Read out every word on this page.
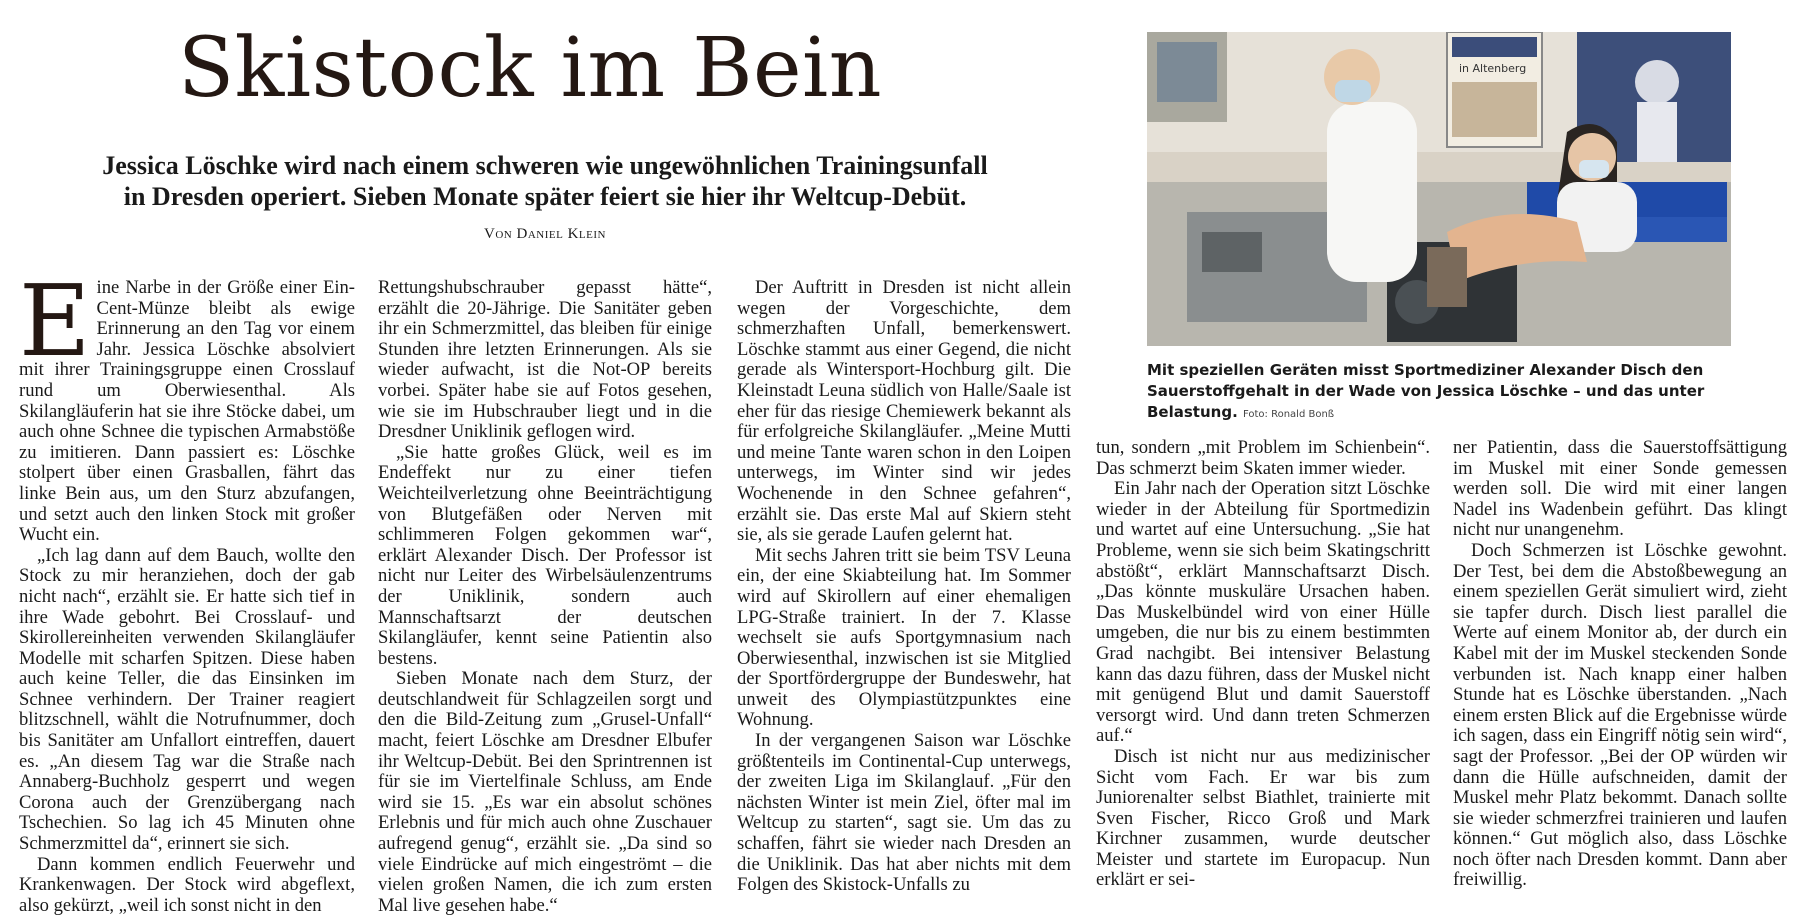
Skistock im Bein
Jessica Löschke wird nach einem schweren wie ungewöhnlichen Trainingsunfall
in Dresden operiert. Sieben Monate später feiert sie hier ihr Weltcup-Debüt.
Von Daniel Klein
in Altenberg
Mit speziellen Geräten misst Sportmediziner Alexander Disch den Sauerstoffgehalt in der Wade von Jessica Löschke – und das unter Belastung. Foto: Ronald Bonß
E ine Narbe in der Größe einer Ein-Cent-Münze bleibt als ewige Erinnerung an den Tag vor einem Jahr. Jessica Löschke absolviert mit ihrer Trainingsgruppe einen Crosslauf rund um Oberwiesenthal. Als Skilangläuferin hat sie ihre Stöcke dabei, um auch ohne Schnee die typischen Armabstöße zu imitieren. Dann passiert es: Löschke stolpert über einen Grasballen, fährt das linke Bein aus, um den Sturz abzufangen, und setzt auch den linken Stock mit großer Wucht ein.

„Ich lag dann auf dem Bauch, wollte den Stock zu mir heranziehen, doch der gab nicht nach“, erzählt sie. Er hatte sich tief in ihre Wade gebohrt. Bei Crosslauf- und Skirollereinheiten verwenden Skilangläufer Modelle mit scharfen Spitzen. Diese haben auch keine Teller, die das Einsinken im Schnee verhindern. Der Trainer reagiert blitzschnell, wählt die Notrufnummer, doch bis Sanitäter am Unfallort eintreffen, dauert es. „An diesem Tag war die Straße nach Annaberg-Buchholz gesperrt und wegen Corona auch der Grenzübergang nach Tschechien. So lag ich 45 Minuten ohne Schmerzmittel da“, erinnert sie sich.

Dann kommen endlich Feuerwehr und Krankenwagen. Der Stock wird abgeflext, also gekürzt, „weil ich sonst nicht in den

Rettungshubschrauber gepasst hätte“, erzählt die 20-Jährige. Die Sanitäter geben ihr ein Schmerzmittel, das bleiben für einige Stunden ihre letzten Erinnerungen. Als sie wieder aufwacht, ist die Not-OP bereits vorbei. Später habe sie auf Fotos gesehen, wie sie im Hubschrauber liegt und in die Dresdner Uniklinik geflogen wird.

„Sie hatte großes Glück, weil es im Endeffekt nur zu einer tiefen Weichteilverletzung ohne Beeinträchtigung von Blutgefäßen oder Nerven mit schlimmeren Folgen gekommen war“, erklärt Alexander Disch. Der Professor ist nicht nur Leiter des Wirbelsäulenzentrums der Uniklinik, sondern auch Mannschaftsarzt der deutschen Skilangläufer, kennt seine Patientin also bestens.

Sieben Monate nach dem Sturz, der deutschlandweit für Schlagzeilen sorgt und den die Bild-Zeitung zum „Grusel-Unfall“ macht, feiert Löschke am Dresdner Elbufer ihr Weltcup-Debüt. Bei den Sprintrennen ist für sie im Viertelfinale Schluss, am Ende wird sie 15. „Es war ein absolut schönes Erlebnis und für mich auch ohne Zuschauer aufregend genug“, erzählt sie. „Da sind so viele Eindrücke auf mich eingeströmt – die vielen großen Namen, die ich zum ersten Mal live gesehen habe.“

Der Auftritt in Dresden ist nicht allein wegen der Vorgeschichte, dem schmerzhaften Unfall, bemerkenswert. Löschke stammt aus einer Gegend, die nicht gerade als Wintersport-Hochburg gilt. Die Kleinstadt Leuna südlich von Halle/Saale ist eher für das riesige Chemiewerk bekannt als für erfolgreiche Skilangläufer. „Meine Mutti und meine Tante waren schon in den Loipen unterwegs, im Winter sind wir jedes Wochenende in den Schnee gefahren“, erzählt sie. Das erste Mal auf Skiern steht sie, als sie gerade Laufen gelernt hat.

Mit sechs Jahren tritt sie beim TSV Leuna ein, der eine Skiabteilung hat. Im Sommer wird auf Skirollern auf einer ehemaligen LPG-Straße trainiert. In der 7. Klasse wechselt sie aufs Sportgymnasium nach Oberwiesenthal, inzwischen ist sie Mitglied der Sportfördergruppe der Bundeswehr, hat unweit des Olympiastützpunktes eine Wohnung.

In der vergangenen Saison war Löschke größtenteils im Continental-Cup unterwegs, der zweiten Liga im Skilanglauf. „Für den nächsten Winter ist mein Ziel, öfter mal im Weltcup zu starten“, sagt sie. Um das zu schaffen, fährt sie wieder nach Dresden an die Uniklinik. Das hat aber nichts mit dem Folgen des Skistock-Unfalls zu

tun, sondern „mit Problem im Schienbein“. Das schmerzt beim Skaten immer wieder.

Ein Jahr nach der Operation sitzt Löschke wieder in der Abteilung für Sportmedizin und wartet auf eine Untersuchung. „Sie hat Probleme, wenn sie sich beim Skatingschritt abstößt“, erklärt Mannschaftsarzt Disch. „Das könnte muskuläre Ursachen haben. Das Muskelbündel wird von einer Hülle umgeben, die nur bis zu einem bestimmten Grad nachgibt. Bei intensiver Belastung kann das dazu führen, dass der Muskel nicht mit genügend Blut und damit Sauerstoff versorgt wird. Und dann treten Schmerzen auf.“

Disch ist nicht nur aus medizinischer Sicht vom Fach. Er war bis zum Juniorenalter selbst Biathlet, trainierte mit Sven Fischer, Ricco Groß und Mark Kirchner zusammen, wurde deutscher Meister und startete im Europacup. Nun erklärt er sei-

ner Patientin, dass die Sauerstoffsättigung im Muskel mit einer Sonde gemessen werden soll. Die wird mit einer langen Nadel ins Wadenbein geführt. Das klingt nicht nur unangenehm.

Doch Schmerzen ist Löschke gewohnt. Der Test, bei dem die Abstoßbewegung an einem speziellen Gerät simuliert wird, zieht sie tapfer durch. Disch liest parallel die Werte auf einem Monitor ab, der durch ein Kabel mit der im Muskel steckenden Sonde verbunden ist. Nach knapp einer halben Stunde hat es Löschke überstanden. „Nach einem ersten Blick auf die Ergebnisse würde ich sagen, dass ein Eingriff nötig sein wird“, sagt der Professor. „Bei der OP würden wir dann die Hülle aufschneiden, damit der Muskel mehr Platz bekommt. Danach sollte sie wieder schmerzfrei trainieren und laufen können.“ Gut möglich also, dass Löschke noch öfter nach Dresden kommt. Dann aber freiwillig.
